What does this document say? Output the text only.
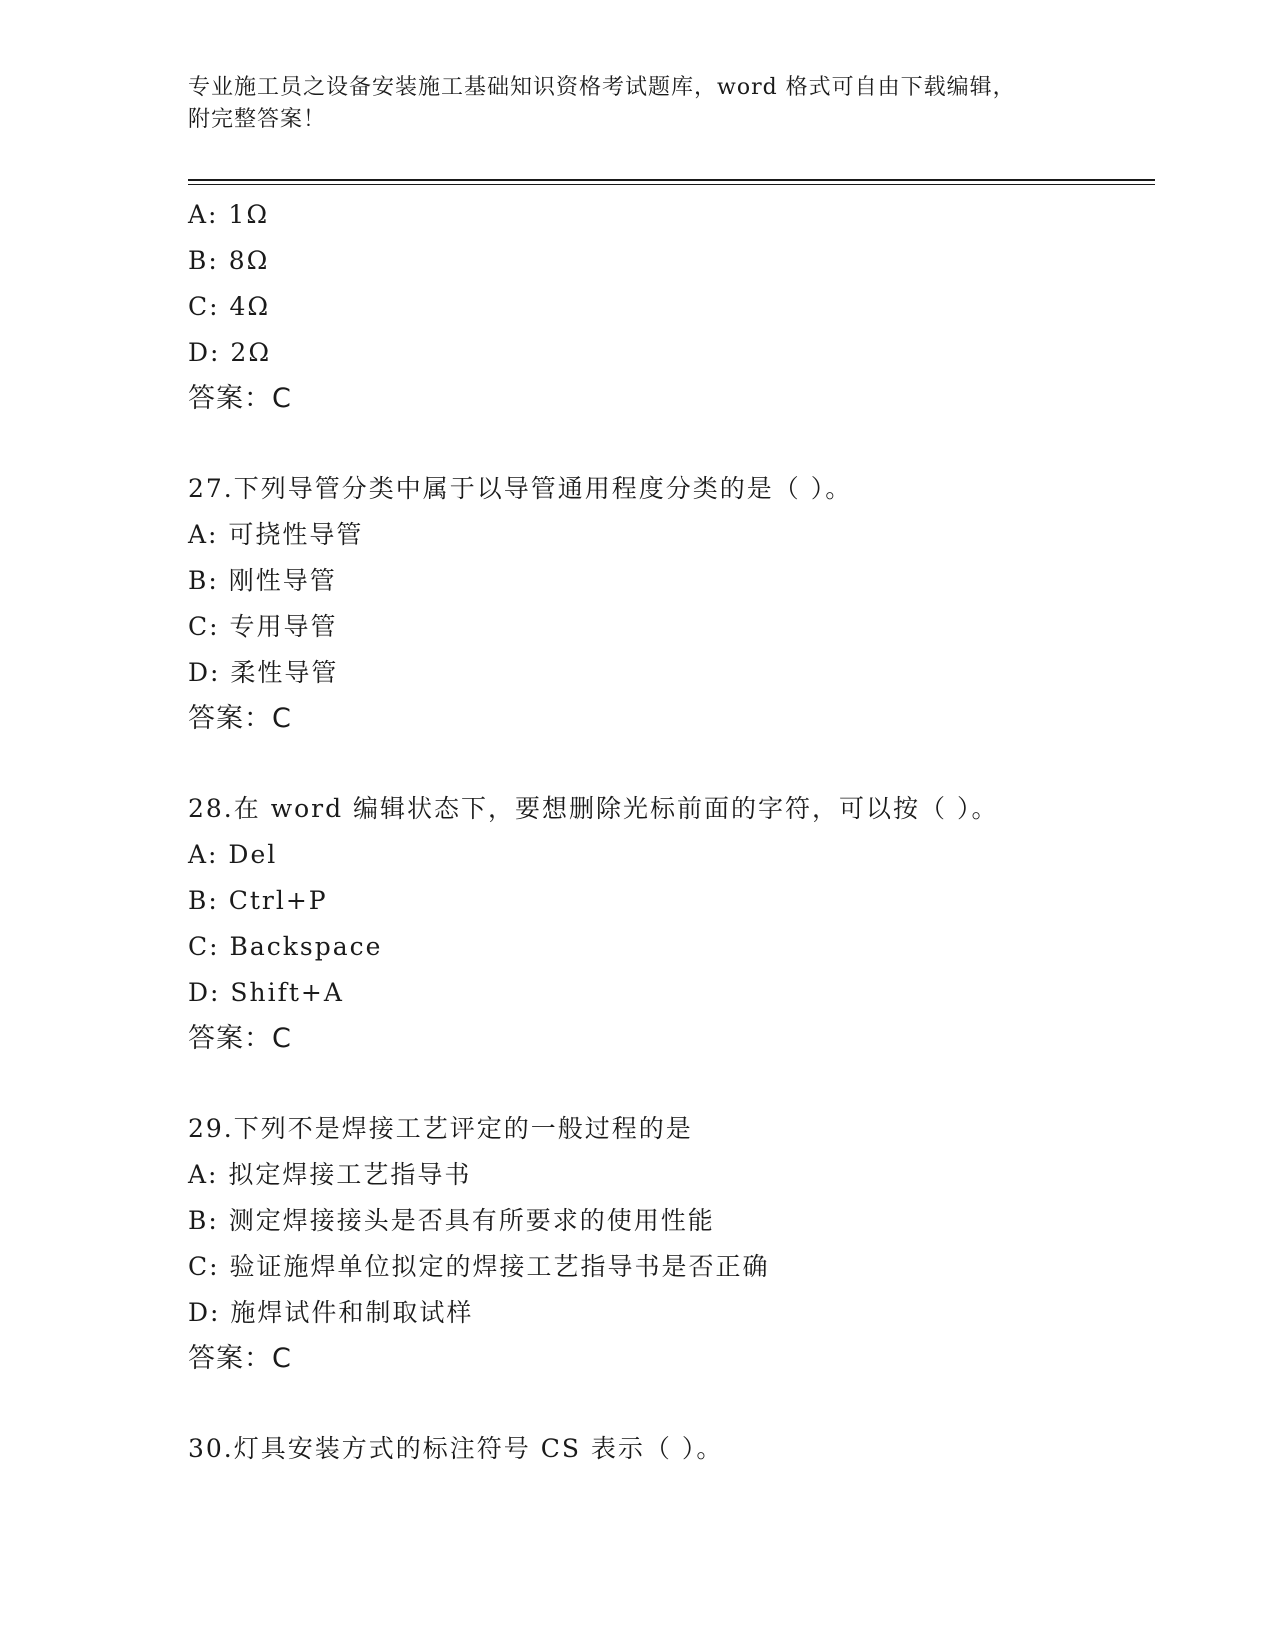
专业施工员之设备安装施工基础知识资格考试题库，word 格式可自由下载编辑，
附完整答案！
A: 1Ω
B: 8Ω
C: 4Ω
D: 2Ω
答案：C
27.下列导管分类中属于以导管通用程度分类的是（ ）。
A: 可挠性导管
B: 刚性导管
C: 专用导管
D: 柔性导管
答案：C
28.在 word 编辑状态下，要想删除光标前面的字符，可以按（ ）。
A: Del
B: Ctrl+P
C: Backspace
D: Shift+A
答案：C
29.下列不是焊接工艺评定的一般过程的是
A: 拟定焊接工艺指导书
B: 测定焊接接头是否具有所要求的使用性能
C: 验证施焊单位拟定的焊接工艺指导书是否正确
D: 施焊试件和制取试样
答案：C
30.灯具安装方式的标注符号 CS 表示（ ）。
